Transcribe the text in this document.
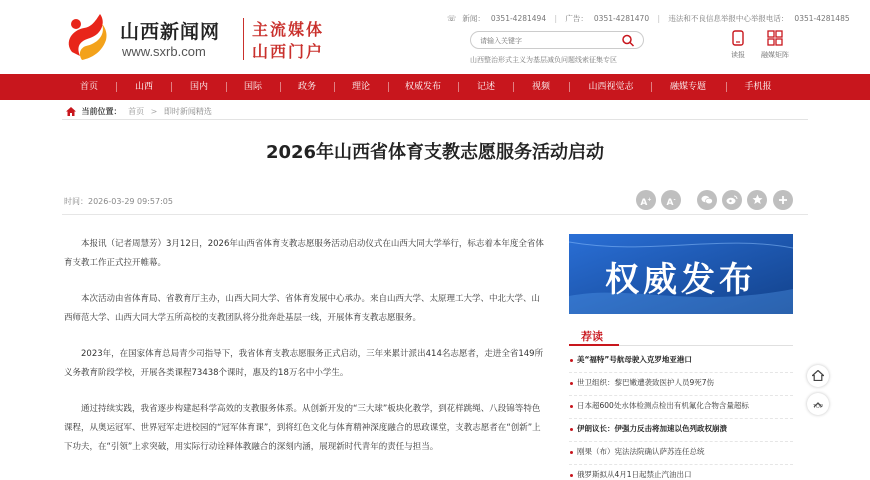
山西新闻网
www.sxrb.com
主流媒体
山西门户
☏ 新闻： 0351-4281494 | 广告： 0351-4281470 | 违法和不良信息举报中心举报电话： 0351-4281485
请输入关键字
山西整治形式主义为基层减负问题线索征集专区
读报	融媒矩阵
首页	山西	国内	国际	政务	理论	权威发布	记述	视频	山西视觉志	融媒专题	手机报
当前位置： 首页 > 即时新闻精选
2026年山西省体育支教志愿服务活动启动
时间：2026-03-29 09:57:05	A+	A-

本报讯（记者周慧芳）3月12日，2026年山西省体育支教志愿服务活动启动仪式在山西大同大学举行，标志着本年度全省体育支教工作正式拉开帷幕。

本次活动由省体育局、省教育厅主办，山西大同大学、省体育发展中心承办。来自山西大学、太原理工大学、中北大学、山西师范大学、山西大同大学五所高校的支教团队将分批奔赴基层一线，开展体育支教志愿服务。

2023年，在国家体育总局青少司指导下，我省体育支教志愿服务正式启动，三年来累计派出414名志愿者，走进全省149所义务教育阶段学校，开展各类课程73438个课时，惠及约18万名中小学生。

通过持续实践，我省逐步构建起科学高效的支教服务体系。从创新开发的“三大球”板块化教学，到花样跳绳、八段锦等特色课程，从奥运冠军、世界冠军走进校园的“冠军体育课”，到将红色文化与体育精神深度融合的思政课堂，支教志愿者在“创新”上下功夫，在“引领”上求突破，用实际行动诠释体教融合的深刻内涵，展现新时代青年的责任与担当。

权威发布
荐读
美“福特”号航母驶入克罗地亚港口
世卫组织：黎巴嫩遭袭致医护人员9死7伤
日本超600处水体检测点检出有机氟化合物含量超标
伊朗议长：伊强力反击将加速以色列政权崩溃
刚果（布）宪法法院确认萨苏连任总统
俄罗斯拟从4月1日起禁止汽油出口
TOP
